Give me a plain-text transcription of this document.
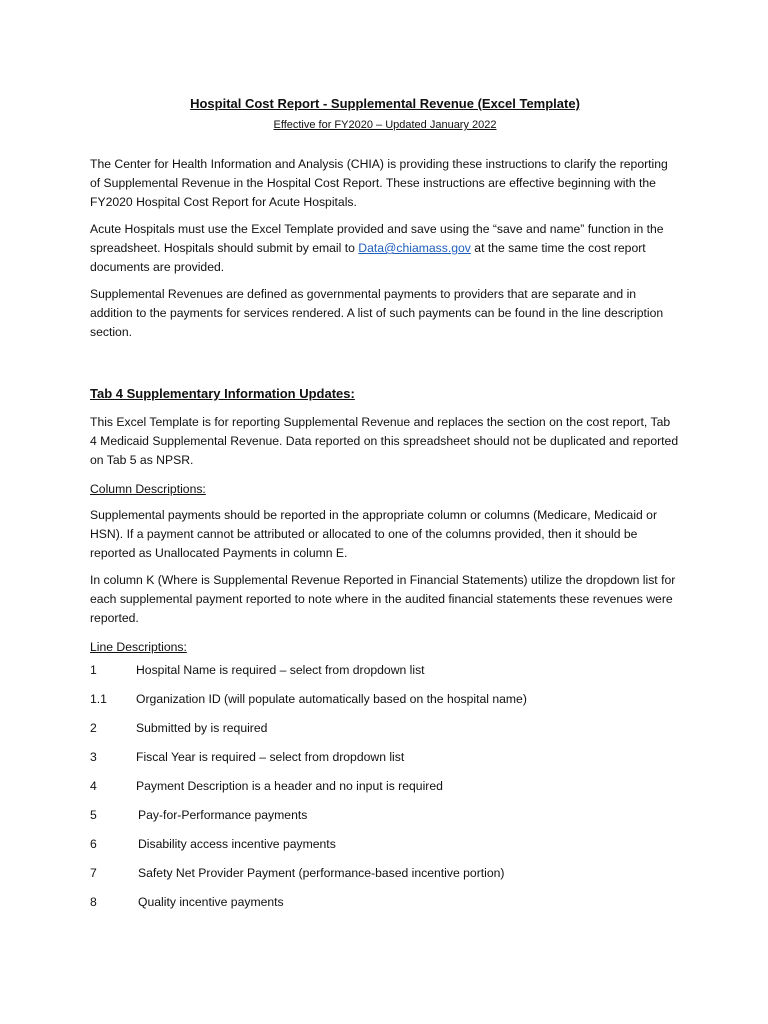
Hospital Cost Report - Supplemental Revenue (Excel Template)
Effective for FY2020 – Updated January 2022

The Center for Health Information and Analysis (CHIA) is providing these instructions to clarify the reporting of Supplemental Revenue in the Hospital Cost Report. These instructions are effective beginning with the FY2020 Hospital Cost Report for Acute Hospitals.

Acute Hospitals must use the Excel Template provided and save using the “save and name” function in the spreadsheet. Hospitals should submit by email to Data@chiamass.gov at the same time the cost report documents are provided.

Supplemental Revenues are defined as governmental payments to providers that are separate and in addition to the payments for services rendered. A list of such payments can be found in the line description section.

Tab 4 Supplementary Information Updates:

This Excel Template is for reporting Supplemental Revenue and replaces the section on the cost report, Tab 4 Medicaid Supplemental Revenue. Data reported on this spreadsheet should not be duplicated and reported on Tab 5 as NPSR.

Column Descriptions:

Supplemental payments should be reported in the appropriate column or columns (Medicare, Medicaid or HSN). If a payment cannot be attributed or allocated to one of the columns provided, then it should be reported as Unallocated Payments in column E.

In column K (Where is Supplemental Revenue Reported in Financial Statements) utilize the dropdown list for each supplemental payment reported to note where in the audited financial statements these revenues were reported.

Line Descriptions:
1	Hospital Name is required – select from dropdown list
1.1	Organization ID (will populate automatically based on the hospital name)
2	Submitted by is required
3	Fiscal Year is required – select from dropdown list
4	Payment Description is a header and no input is required
5	Pay-for-Performance payments
6	Disability access incentive payments
7	Safety Net Provider Payment (performance-based incentive portion)
8	Quality incentive payments
